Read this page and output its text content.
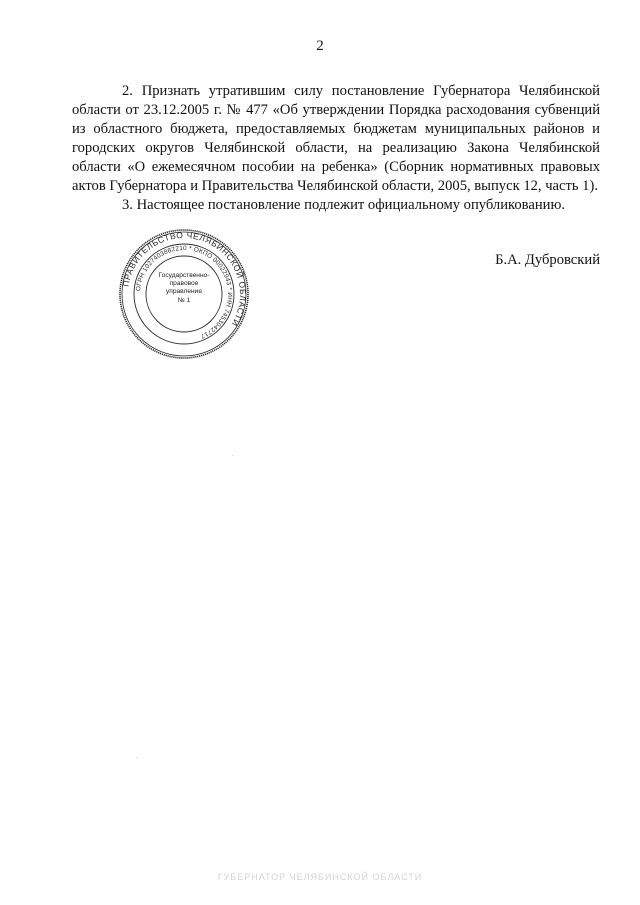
2

2. Признать утратившим силу постановление Губернатора Челябинской области от 23.12.2005 г. № 477 «Об утверждении Порядка расходования субвенций из областного бюджета, предоставляемых бюджетам муниципальных районов и городских округов Челябинской области, на реализацию Закона Челябинской области «О ежемесячном пособии на ребенка» (Сборник нормативных правовых актов Губернатора и Правительства Челябинской области, 2005, выпуск 12, часть 1).

3. Настоящее постановление подлежит официальному опубликованию.

ПРАВИТЕЛЬСТВО ЧЕЛЯБИНСКОЙ ОБЛАСТИ
ОГРН 1027403882210 * ОКПО 00022943 * ИНН 7453042717
Государственно-
правовое
управление
№ 1
Б.А. Дубровский
ГУБЕРНАТОР ЧЕЛЯБИНСКОЙ ОБЛАСТИ
